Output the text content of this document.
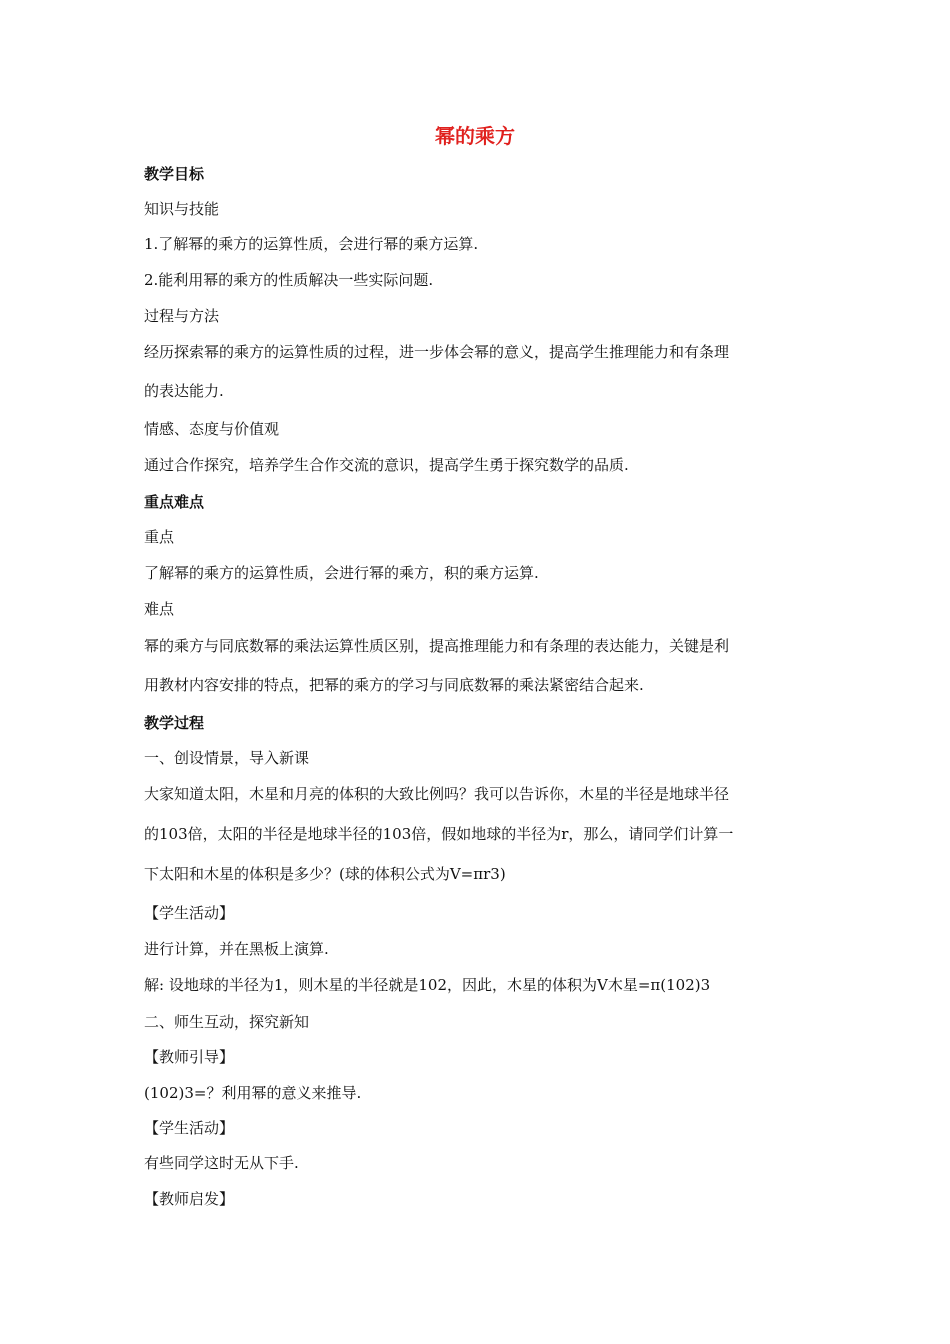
幂的乘方

教学目标

知识与技能

1.了解幂的乘方的运算性质，会进行幂的乘方运算.

2.能利用幂的乘方的性质解决一些实际问题.

过程与方法

经历探索幂的乘方的运算性质的过程，进一步体会幂的意义，提高学生推理能力和有条理

的表达能力.

情感、态度与价值观

通过合作探究，培养学生合作交流的意识，提高学生勇于探究数学的品质.

重点难点

重点

了解幂的乘方的运算性质，会进行幂的乘方，积的乘方运算.

难点

幂的乘方与同底数幂的乘法运算性质区别，提高推理能力和有条理的表达能力，关键是利

用教材内容安排的特点，把幂的乘方的学习与同底数幂的乘法紧密结合起来.

教学过程

一、创设情景，导入新课

大家知道太阳，木星和月亮的体积的大致比例吗？我可以告诉你，木星的半径是地球半径

的103倍，太阳的半径是地球半径的103倍，假如地球的半径为r，那么，请同学们计算一

下太阳和木星的体积是多少？(球的体积公式为V=πr3)

【学生活动】

进行计算，并在黑板上演算.

解: 设地球的半径为1，则木星的半径就是102，因此，木星的体积为V木星=π(102)3

二、师生互动，探究新知

【教师引导】

(102)3=？利用幂的意义来推导.

【学生活动】

有些同学这时无从下手.

【教师启发】
